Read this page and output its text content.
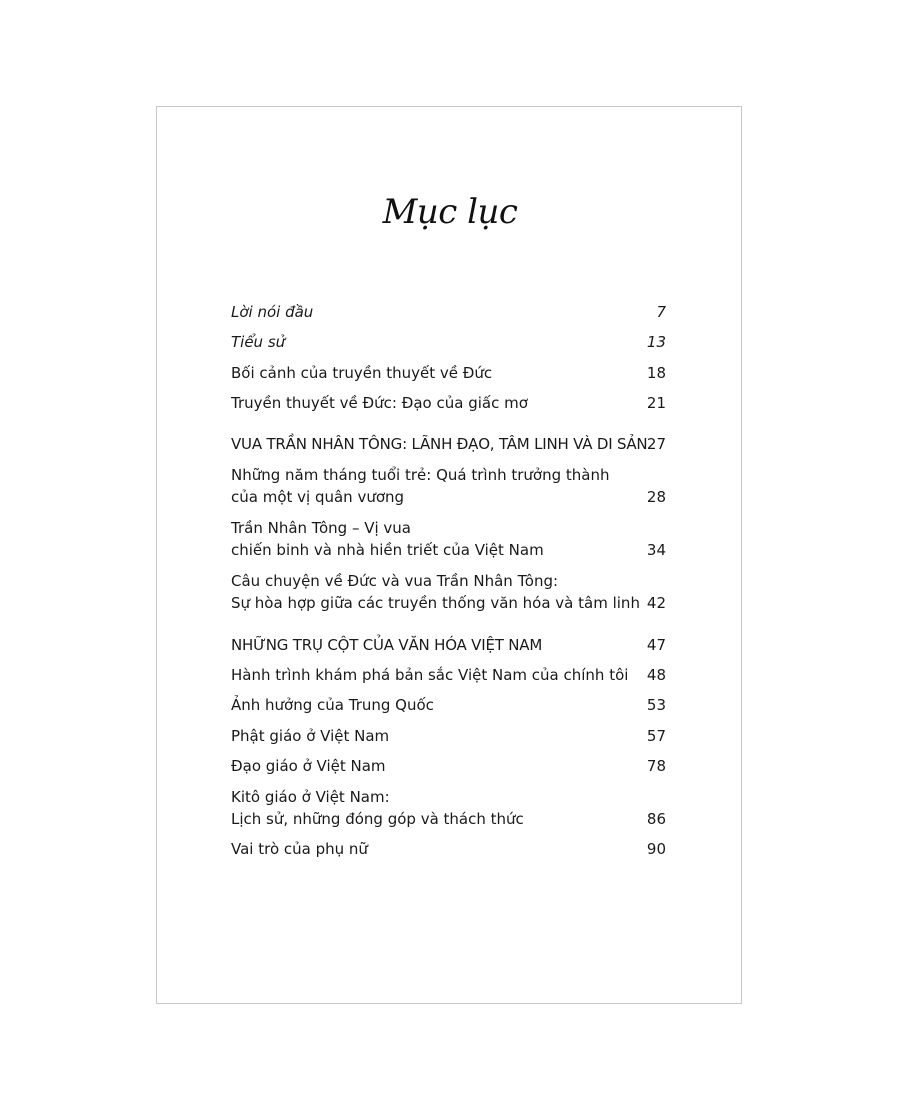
Mục lục
Lời nói đầu	7
Tiểu sử	13
Bối cảnh của truyền thuyết về Đức	18
Truyền thuyết về Đức: Đạo của giấc mơ	21
VUA TRẦN NHÂN TÔNG: LÃNH ĐẠO, TÂM LINH VÀ DI SẢN 27
Những năm tháng tuổi trẻ: Quá trình trưởng thành
của một vị quân vương	28
Trần Nhân Tông – Vị vua
chiến binh và nhà hiền triết của Việt Nam	34
Câu chuyện về Đức và vua Trần Nhân Tông:
Sự hòa hợp giữa các truyền thống văn hóa và tâm linh 42
NHỮNG TRỤ CỘT CỦA VĂN HÓA VIỆT NAM	47
Hành trình khám phá bản sắc Việt Nam của chính tôi	48
Ảnh hưởng của Trung Quốc	53
Phật giáo ở Việt Nam	57
Đạo giáo ở Việt Nam	78
Kitô giáo ở Việt Nam:
Lịch sử, những đóng góp và thách thức	86
Vai trò của phụ nữ	90
